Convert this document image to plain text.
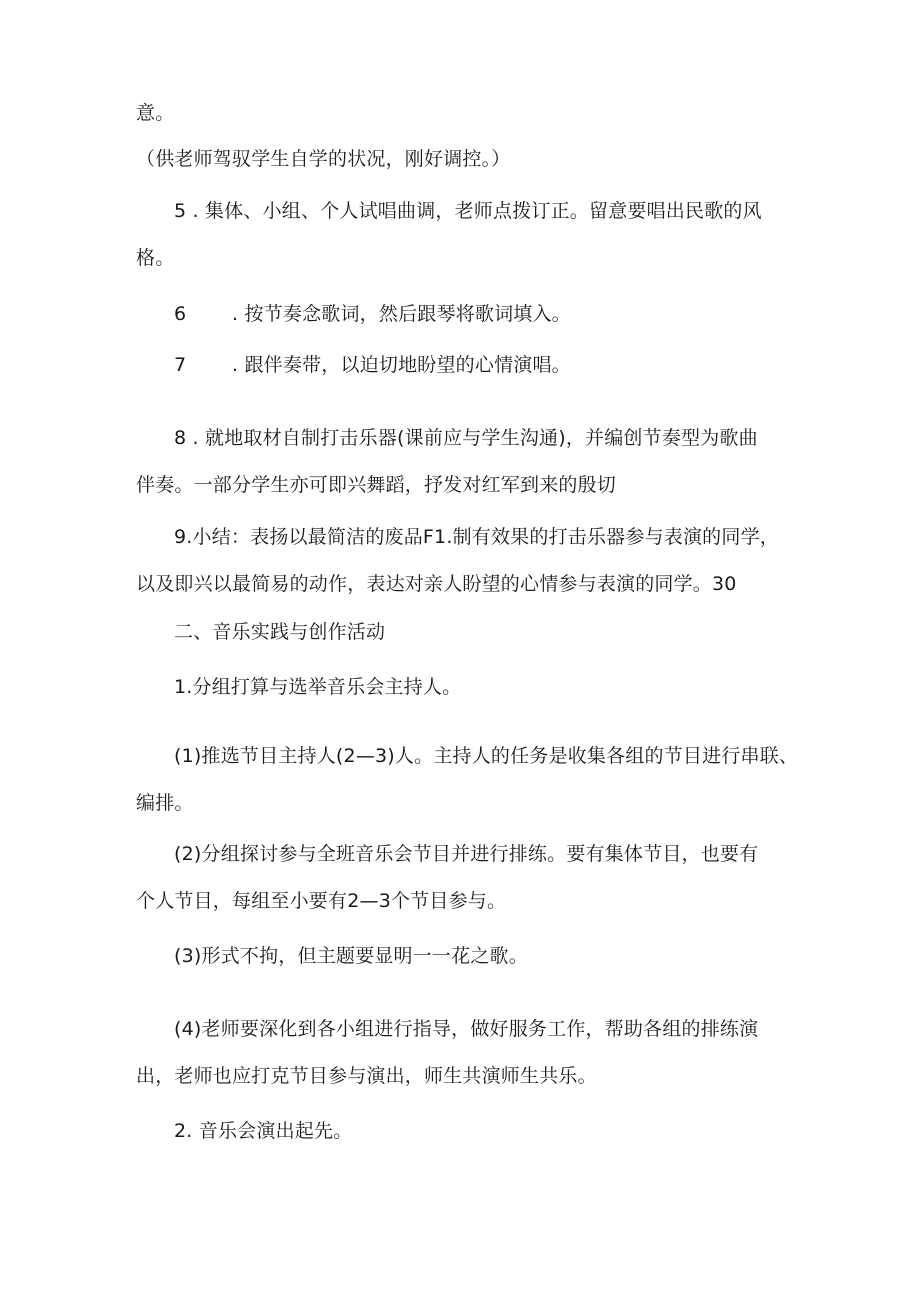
意。
（供老师驾驭学生自学的状况，刚好调控。）
5 . 集体、小组、个人试唱曲调，老师点拨订正。留意要唱出民歌的风
格。
6 . 按节奏念歌词，然后跟琴将歌词填入。
7 . 跟伴奏带，以迫切地盼望的心情演唱。
8 . 就地取材自制打击乐器(课前应与学生沟通)，并编创节奏型为歌曲
伴奏。一部分学生亦可即兴舞蹈，抒发对红军到来的殷切
9.小结：表扬以最简洁的废品F1.制有效果的打击乐器参与表演的同学，
以及即兴以最简易的动作，表达对亲人盼望的心情参与表演的同学。30
二、音乐实践与创作活动
1.分组打算与选举音乐会主持人。
(1)推选节目主持人(2—3)人。主持人的任务是收集各组的节目进行串联、
编排。
(2)分组探讨参与全班音乐会节目并进行排练。要有集体节目，也要有
个人节目，每组至小要有2—3个节目参与。
(3)形式不拘，但主题要显明一一花之歌。
(4)老师要深化到各小组进行指导，做好服务工作，帮助各组的排练演
出，老师也应打克节目参与演出，师生共演师生共乐。
2. 音乐会演出起先。
